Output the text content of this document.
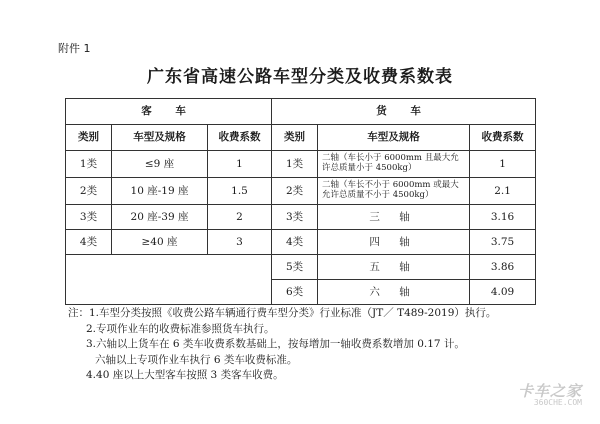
附件 1
广东省高速公路车型分类及收费系数表
客 车			货 车		
类别	车型及规格	收费系数	类别	车型及规格	收费系数
1类	≤9 座	1	1类	二轴（车长小于 6000mm 且最大允许总质量小于 4500kg）	1
2类	10 座-19 座	1.5	2类	二轴（车长不小于 6000mm 或最大允许总质量不小于 4500kg）	2.1
3类	20 座-39 座	2	3类	三 轴	3.16
4类	≥40 座	3	4类	四 轴	3.75
			5类	五 轴	3.86
			6类	六 轴	4.09
注：1.车型分类按照《收费公路车辆通行费车型分类》行业标准（JT／ T489-2019）执行。
2.专项作业车的收费标准参照货车执行。
3.六轴以上货车在 6 类车收费系数基础上，按每增加一轴收费系数增加 0.17 计。
六轴以上专项作业车执行 6 类车收费标准。
4.40 座以上大型客车按照 3 类客车收费。
卡车之家
360CHE.COM
